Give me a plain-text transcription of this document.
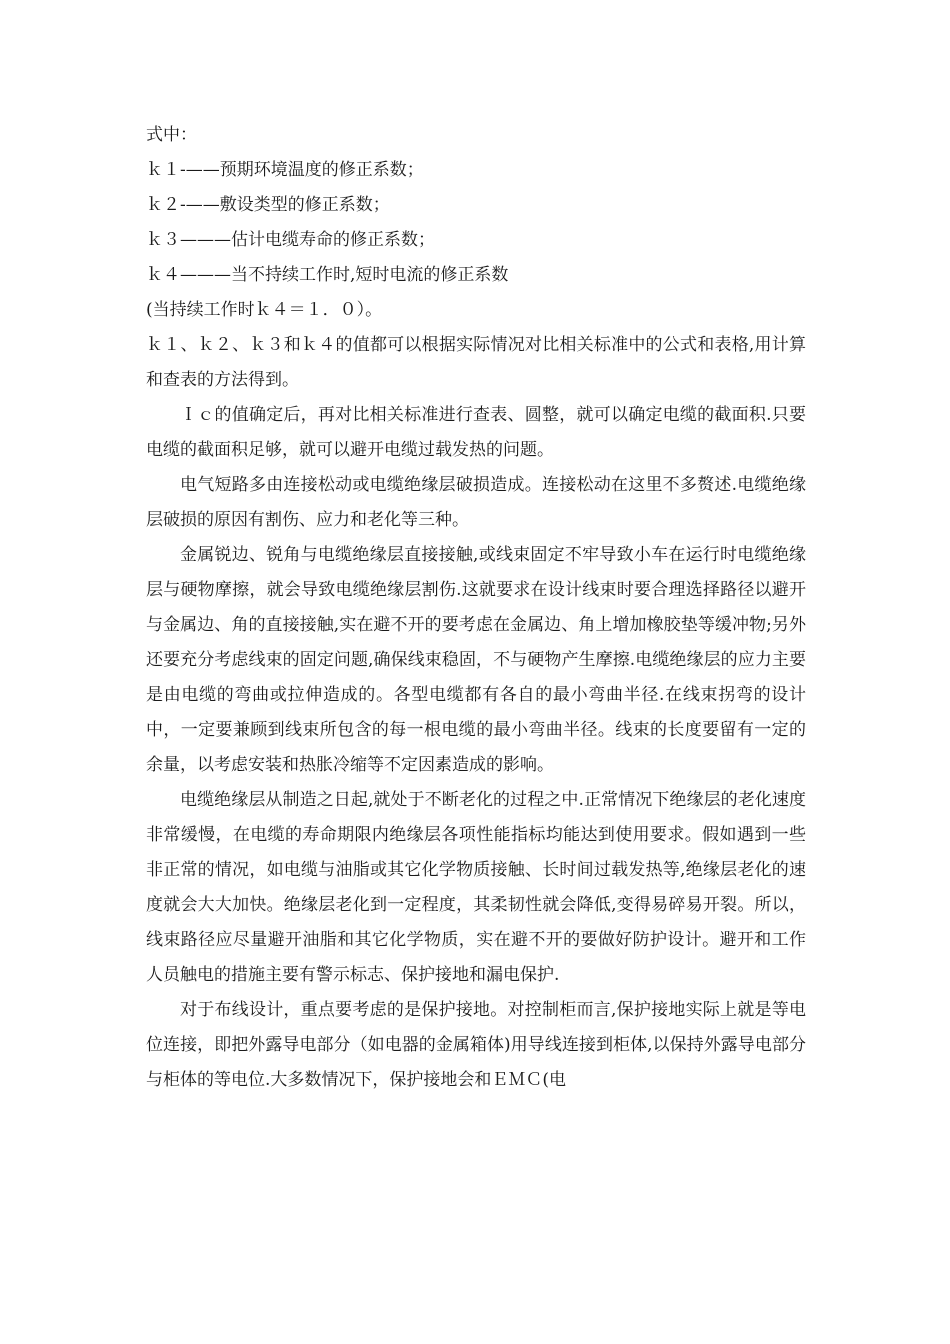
式中：
ｋ１-——预期环境温度的修正系数；
ｋ２-——敷设类型的修正系数；
ｋ３———估计电缆寿命的修正系数；
ｋ４———当不持续工作时,短时电流的修正系数
(当持续工作时ｋ４＝１．０）。

ｋ１、ｋ２、ｋ３和ｋ４的值都可以根据实际情况对比相关标准中的公式和表格,用计算和查表的方法得到。

Ｉｃ的值确定后，再对比相关标准进行查表、圆整，就可以确定电缆的截面积.只要电缆的截面积足够，就可以避开电缆过载发热的问题。

电气短路多由连接松动或电缆绝缘层破损造成。连接松动在这里不多赘述.电缆绝缘层破损的原因有割伤、应力和老化等三种。

金属锐边、锐角与电缆绝缘层直接接触,或线束固定不牢导致小车在运行时电缆绝缘层与硬物摩擦，就会导致电缆绝缘层割伤.这就要求在设计线束时要合理选择路径以避开与金属边、角的直接接触,实在避不开的要考虑在金属边、角上增加橡胶垫等缓冲物;另外还要充分考虑线束的固定问题,确保线束稳固，不与硬物产生摩擦.电缆绝缘层的应力主要是由电缆的弯曲或拉伸造成的。各型电缆都有各自的最小弯曲半径.在线束拐弯的设计中，一定要兼顾到线束所包含的每一根电缆的最小弯曲半径。线束的长度要留有一定的余量，以考虑安装和热胀冷缩等不定因素造成的影响。

电缆绝缘层从制造之日起,就处于不断老化的过程之中.正常情况下绝缘层的老化速度非常缓慢，在电缆的寿命期限内绝缘层各项性能指标均能达到使用要求。假如遇到一些非正常的情况，如电缆与油脂或其它化学物质接触、长时间过载发热等,绝缘层老化的速度就会大大加快。绝缘层老化到一定程度，其柔韧性就会降低,变得易碎易开裂。所以，线束路径应尽量避开油脂和其它化学物质，实在避不开的要做好防护设计。避开和工作人员触电的措施主要有警示标志、保护接地和漏电保护.

对于布线设计，重点要考虑的是保护接地。对控制柜而言,保护接地实际上就是等电位连接，即把外露导电部分（如电器的金属箱体)用导线连接到柜体,以保持外露导电部分与柜体的等电位.大多数情况下，保护接地会和ＥＭＣ(电
